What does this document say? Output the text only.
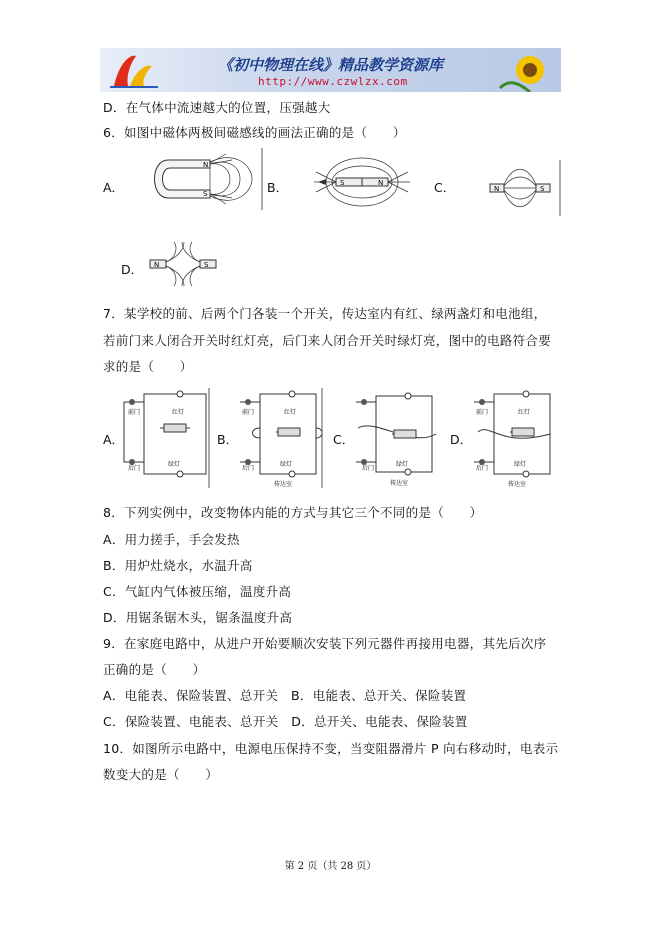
《初中物理在线》精品教学资源库
http://www.czwlzx.com
D．在气体中流速越大的位置，压强越大
6．如图中磁体两极间磁感线的画法正确的是（　　）
A．
N
S	B．	S	N	C．	N	S
D． N	S
7．某学校的前、后两个门各装一个开关，传达室内有红、绿两盏灯和电池组，
若前门来人闭合开关时红灯亮，后门来人闭合开关时绿灯亮，图中的电路符合要
求的是（　　）
A．	B．	C．	D．
前门	红灯
后门
绿灯
前门	红灯
后门
绿灯
传达室
后门
绿灯
传达室
前门	红灯
后门
绿灯
传达室
8．下列实例中，改变物体内能的方式与其它三个不同的是（　　）
A．用力搓手，手会发热
B．用炉灶烧水，水温升高
C．气缸内气体被压缩，温度升高
D．用锯条锯木头，锯条温度升高
9．在家庭电路中，从进户开始要顺次安装下列元器件再接用电器，其先后次序
正确的是（　　）
A．电能表、保险装置、总开关　B．电能表、总开关、保险装置
C．保险装置、电能表、总开关　D．总开关、电能表、保险装置
10．如图所示电路中，电源电压保持不变，当变阻器滑片 P 向右移动时，电表示
数变大的是（　　）
第 2 页（共 28 页）
